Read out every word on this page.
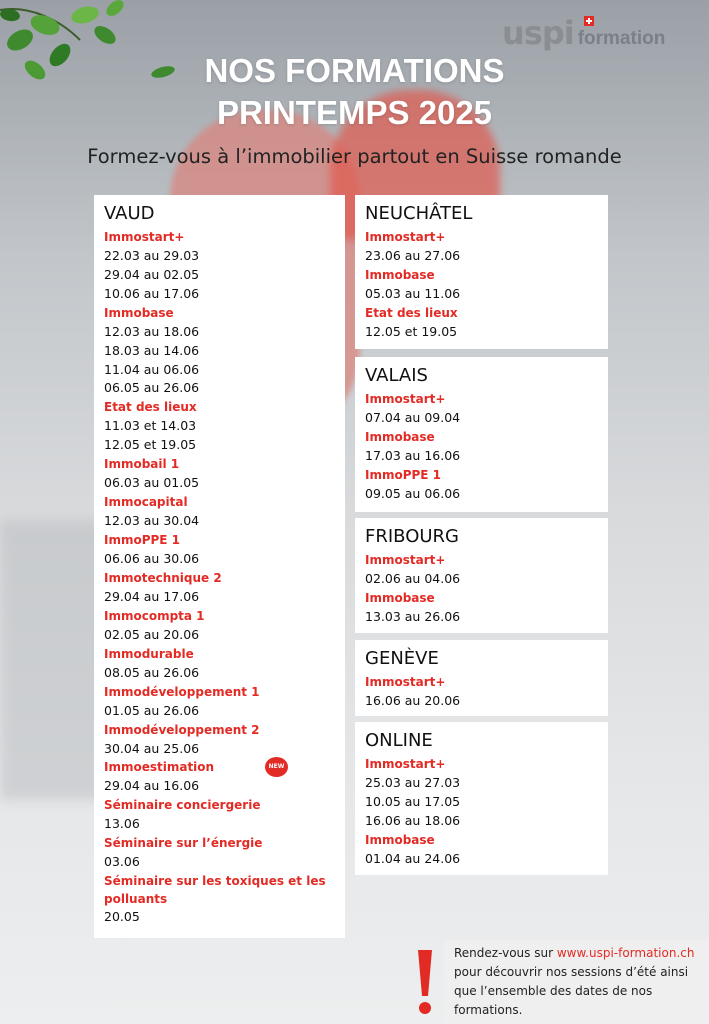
uspi formation
NOS FORMATIONS
PRINTEMPS 2025
Formez-vous à l’immobilier partout en Suisse romande
VAUD
Immostart+
22.03 au 29.03
29.04 au 02.05
10.06 au 17.06
Immobase
12.03 au 18.06
18.03 au 14.06
11.04 au 06.06
06.05 au 26.06
Etat des lieux
11.03 et 14.03
12.05 et 19.05
Immobail 1
06.03 au 01.05
Immocapital
12.03 au 30.04
ImmoPPE 1
06.06 au 30.06
Immotechnique 2
29.04 au 17.06
Immocompta 1
02.05 au 20.06
Immodurable
08.05 au 26.06
Immodéveloppement 1
01.05 au 26.06
Immodéveloppement 2
30.04 au 25.06
Immoestimation
29.04 au 16.06
Séminaire conciergerie
13.06
Séminaire sur l’énergie
03.06
Séminaire sur les toxiques et les polluants
20.05
NEW
NEUCHÂTEL
Immostart+
23.06 au 27.06
Immobase
05.03 au 11.06
Etat des lieux
12.05 et 19.05
VALAIS
Immostart+
07.04 au 09.04
Immobase
17.03 au 16.06
ImmoPPE 1
09.05 au 06.06
FRIBOURG
Immostart+
02.06 au 04.06
Immobase
13.03 au 26.06
GENÈVE
Immostart+
16.06 au 20.06
ONLINE
Immostart+
25.03 au 27.03
10.05 au 17.05
16.06 au 18.06
Immobase
01.04 au 24.06
Rendez-vous sur www.uspi-formation.ch pour découvrir nos sessions d’été ainsi que l’ensemble des dates de nos formations.
